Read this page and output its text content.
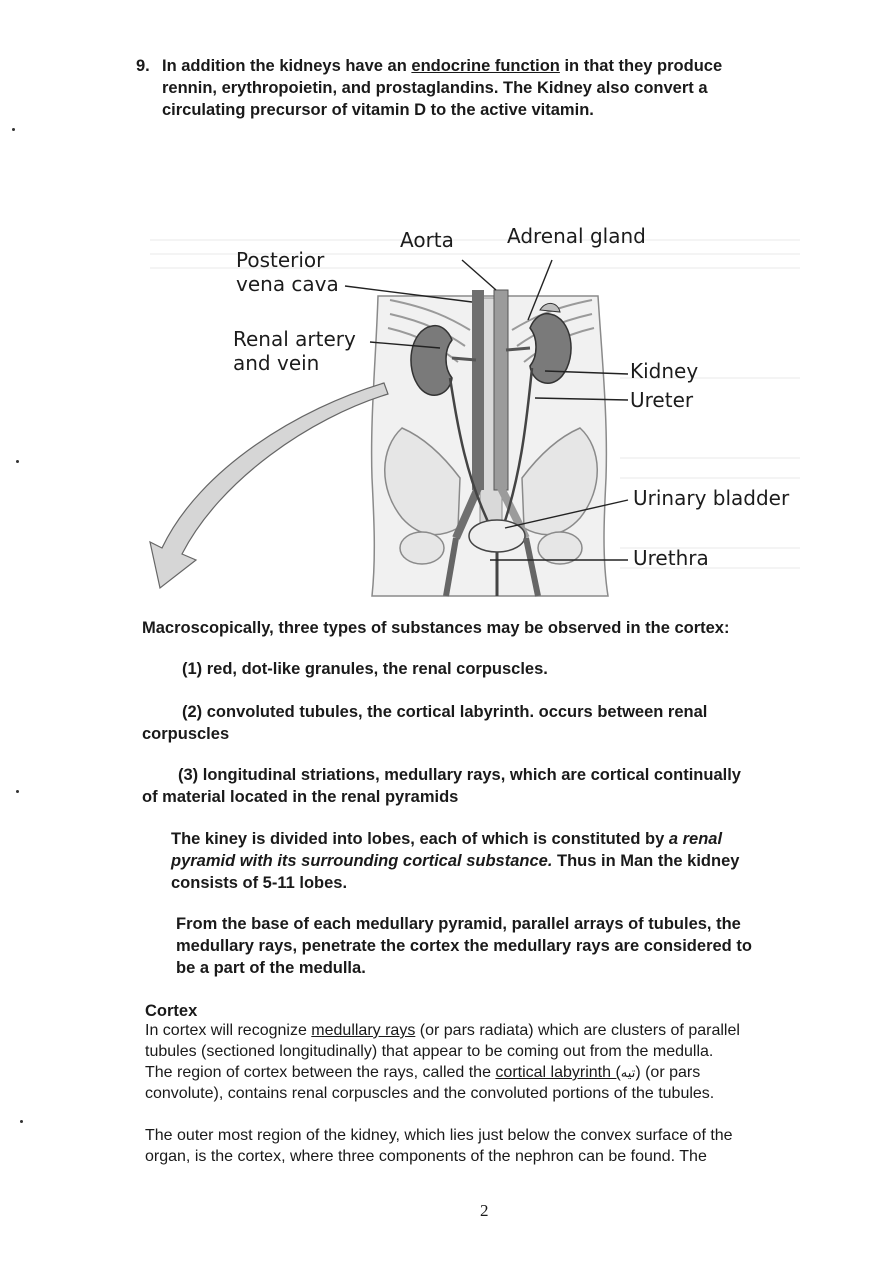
9. In addition the kidneys have an endocrine function in that they produce
rennin, erythropoietin, and prostaglandins. The Kidney also convert a
circulating precursor of vitamin D to the active vitamin.
Aorta	Adrenal gland
Posterior
vena cava
Renal artery
and vein	Kidney
Ureter
Urinary bladder
Urethra
Macroscopically, three types of substances may be observed in the cortex:
(1) red, dot-like granules, the renal corpuscles.
(2) convoluted tubules, the cortical labyrinth. occurs between renal
corpuscles
(3) longitudinal striations, medullary rays, which are cortical continually
of material located in the renal pyramids
The kiney is divided into lobes, each of which is constituted by a renal
pyramid with its surrounding cortical substance. Thus in Man the kidney
consists of 5-11 lobes.
From the base of each medullary pyramid, parallel arrays of tubules, the
medullary rays, penetrate the cortex the medullary rays are considered to
be a part of the medulla.
Cortex
In cortex will recognize medullary rays (or pars radiata) which are clusters of parallel
tubules (sectioned longitudinally) that appear to be coming out from the medulla.
The region of cortex between the rays, called the cortical labyrinth (تيه) (or pars
convolute), contains renal corpuscles and the convoluted portions of the tubules.
The outer most region of the kidney, which lies just below the convex surface of the
organ, is the cortex, where three components of the nephron can be found. The
2
